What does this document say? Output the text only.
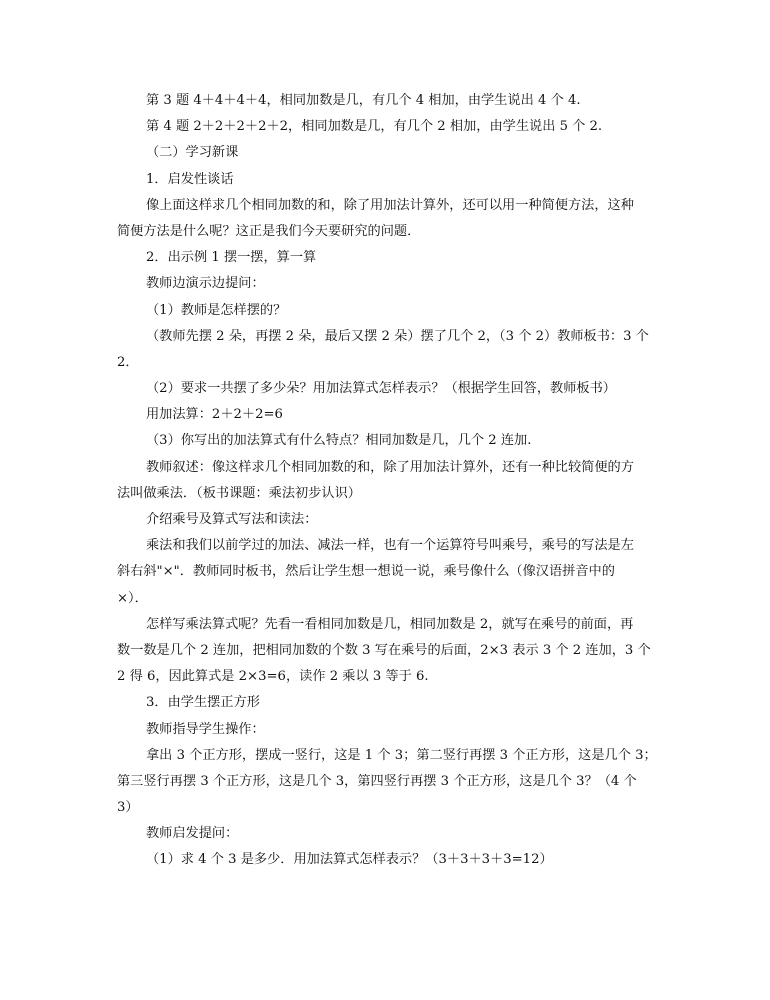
第 3 题 4＋4＋4＋4，相同加数是几，有几个 4 相加，由学生说出 4 个 4.
第 4 题 2＋2＋2＋2＋2，相同加数是几，有几个 2 相加，由学生说出 5 个 2.
（二）学习新课
1．启发性谈话
像上面这样求几个相同加数的和，除了用加法计算外，还可以用一种简便方法，这种
简便方法是什么呢？这正是我们今天要研究的问题．
2．出示例 1 摆一摆，算一算
教师边演示边提问：
（1）教师是怎样摆的？
（教师先摆 2 朵，再摆 2 朵，最后又摆 2 朵）摆了几个 2，（3 个 2）教师板书：3 个
2．
（2）要求一共摆了多少朵？用加法算式怎样表示？（根据学生回答，教师板书）
用加法算：2＋2＋2=6
（3）你写出的加法算式有什么特点？相同加数是几，几个 2 连加.
教师叙述：像这样求几个相同加数的和，除了用加法计算外，还有一种比较简便的方
法叫做乘法．（板书课题：乘法初步认识）
介绍乘号及算式写法和读法：
乘法和我们以前学过的加法、减法一样，也有一个运算符号叫乘号，乘号的写法是左
斜右斜"×"．教师同时板书，然后让学生想一想说一说，乘号像什么（像汉语拼音中的
×）．
怎样写乘法算式呢？先看一看相同加数是几，相同加数是 2，就写在乘号的前面，再
数一数是几个 2 连加，把相同加数的个数 3 写在乘号的后面，2×3 表示 3 个 2 连加，3 个
2 得 6，因此算式是 2×3=6，读作 2 乘以 3 等于 6.
3．由学生摆正方形
教师指导学生操作：
拿出 3 个正方形，摆成一竖行，这是 1 个 3；第二竖行再摆 3 个正方形，这是几个 3；
第三竖行再摆 3 个正方形，这是几个 3，第四竖行再摆 3 个正方形，这是几个 3？（4 个
3）
教师启发提问：
（1）求 4 个 3 是多少．用加法算式怎样表示？（3＋3＋3＋3=12）
